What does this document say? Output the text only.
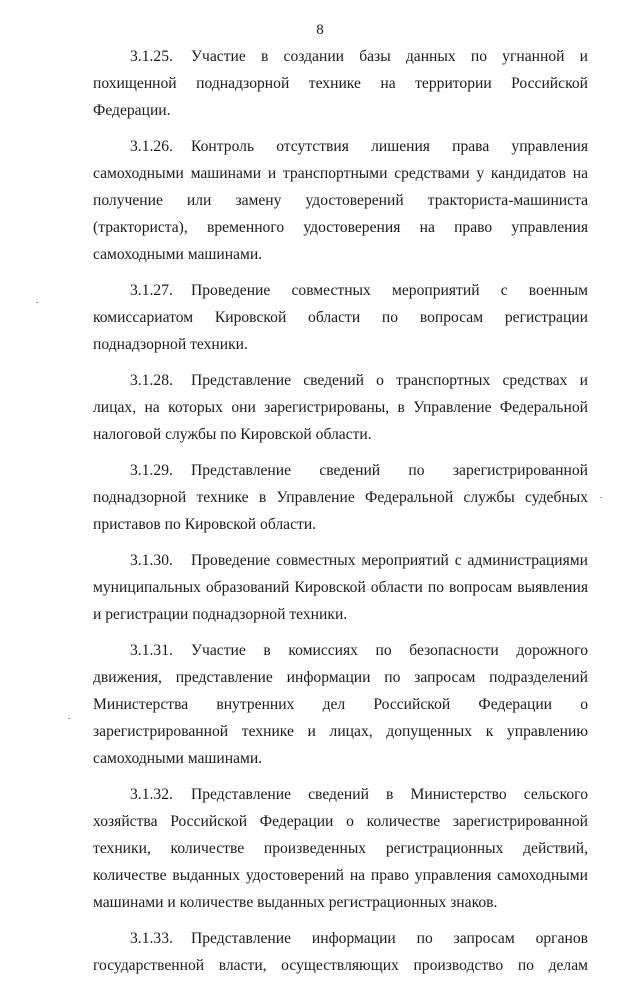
8

3.1.25. Участие в создании базы данных по угнанной и похищенной поднадзорной технике на территории Российской Федерации.

3.1.26. Контроль отсутствия лишения права управления самоходными машинами и транспортными средствами у кандидатов на получение или замену удостоверений тракториста-машиниста (тракториста), временного удостоверения на право управления самоходными машинами.

3.1.27. Проведение совместных мероприятий с военным комиссариатом Кировской области по вопросам регистрации поднадзорной техники.

3.1.28. Представление сведений о транспортных средствах и лицах, на которых они зарегистрированы, в Управление Федеральной налоговой службы по Кировской области.

3.1.29. Представление сведений по зарегистрированной поднадзорной технике в Управление Федеральной службы судебных приставов по Кировской области.

3.1.30. Проведение совместных мероприятий с администрациями муниципальных образований Кировской области по вопросам выявления и регистрации поднадзорной техники.

3.1.31. Участие в комиссиях по безопасности дорожного движения, представление информации по запросам подразделений Министерства внутренних дел Российской Федерации о зарегистрированной технике и лицах, допущенных к управлению самоходными машинами.

3.1.32. Представление сведений в Министерство сельского хозяйства Российской Федерации о количестве зарегистрированной техники, количестве произведенных регистрационных действий, количестве выданных удостоверений на право управления самоходными машинами и количестве выданных регистрационных знаков.

3.1.33. Представление информации по запросам органов государственной власти, осуществляющих производство по делам
